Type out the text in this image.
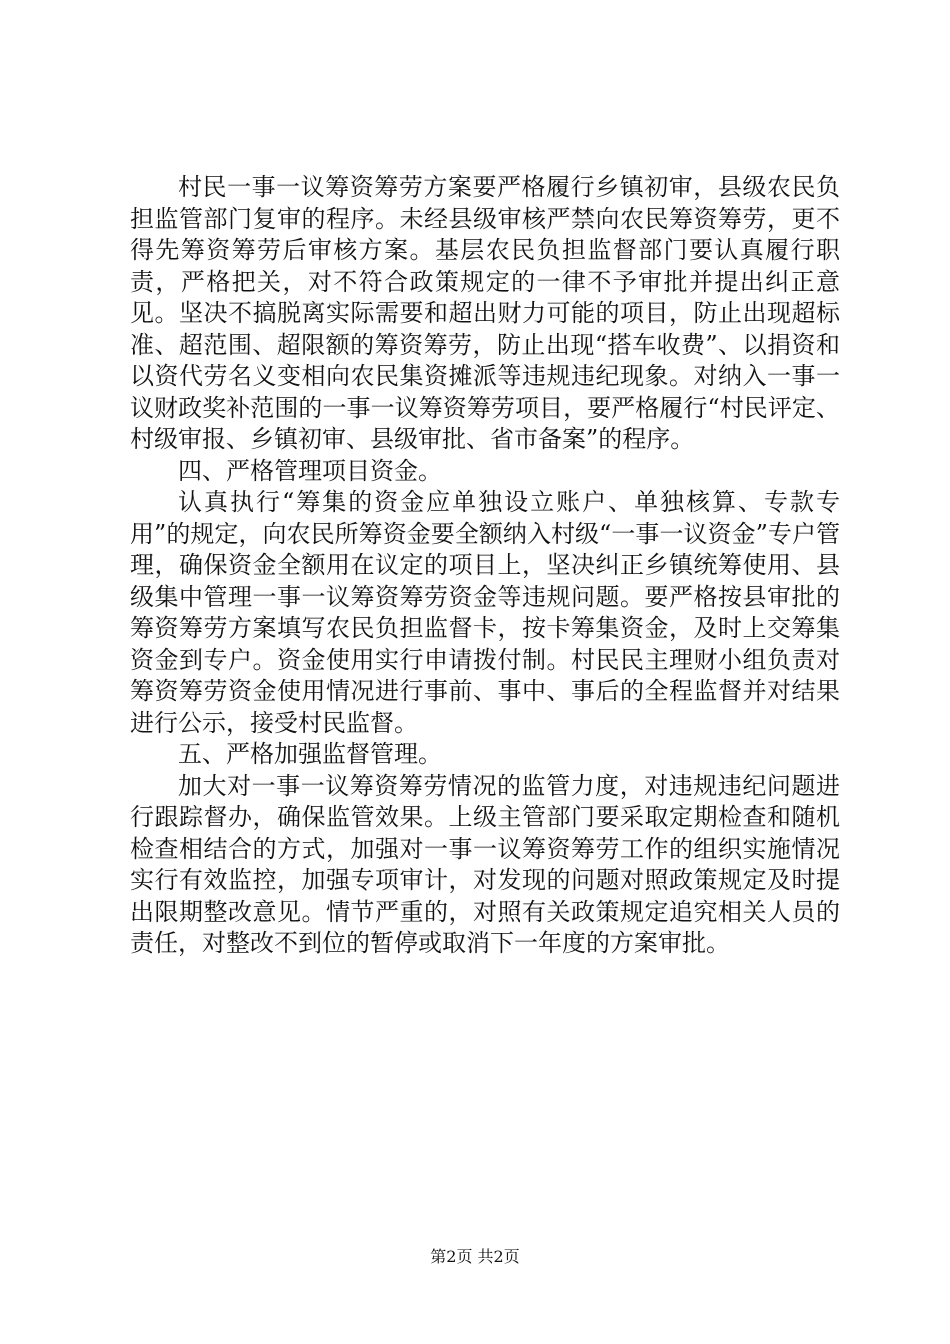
村民一事一议筹资筹劳方案要严格履行乡镇初审，县级农民负担监管部门复审的程序。未经县级审核严禁向农民筹资筹劳，更不得先筹资筹劳后审核方案。基层农民负担监督部门要认真履行职责，严格把关，对不符合政策规定的一律不予审批并提出纠正意见。坚决不搞脱离实际需要和超出财力可能的项目，防止出现超标准、超范围、超限额的筹资筹劳，防止出现“搭车收费”、以捐资和以资代劳名义变相向农民集资摊派等违规违纪现象。对纳入一事一议财政奖补范围的一事一议筹资筹劳项目，要严格履行“村民评定、村级审报、乡镇初审、县级审批、省市备案”的程序。

四、严格管理项目资金。

认真执行“筹集的资金应单独设立账户、单独核算、专款专用”的规定，向农民所筹资金要全额纳入村级“一事一议资金”专户管理，确保资金全额用在议定的项目上，坚决纠正乡镇统筹使用、县级集中管理一事一议筹资筹劳资金等违规问题。要严格按县审批的筹资筹劳方案填写农民负担监督卡，按卡筹集资金，及时上交筹集资金到专户。资金使用实行申请拨付制。村民民主理财小组负责对筹资筹劳资金使用情况进行事前、事中、事后的全程监督并对结果进行公示，接受村民监督。

五、严格加强监督管理。

加大对一事一议筹资筹劳情况的监管力度，对违规违纪问题进行跟踪督办，确保监管效果。上级主管部门要采取定期检查和随机检查相结合的方式，加强对一事一议筹资筹劳工作的组织实施情况实行有效监控，加强专项审计，对发现的问题对照政策规定及时提出限期整改意见。情节严重的，对照有关政策规定追究相关人员的责任，对整改不到位的暂停或取消下一年度的方案审批。

第2页 共2页
